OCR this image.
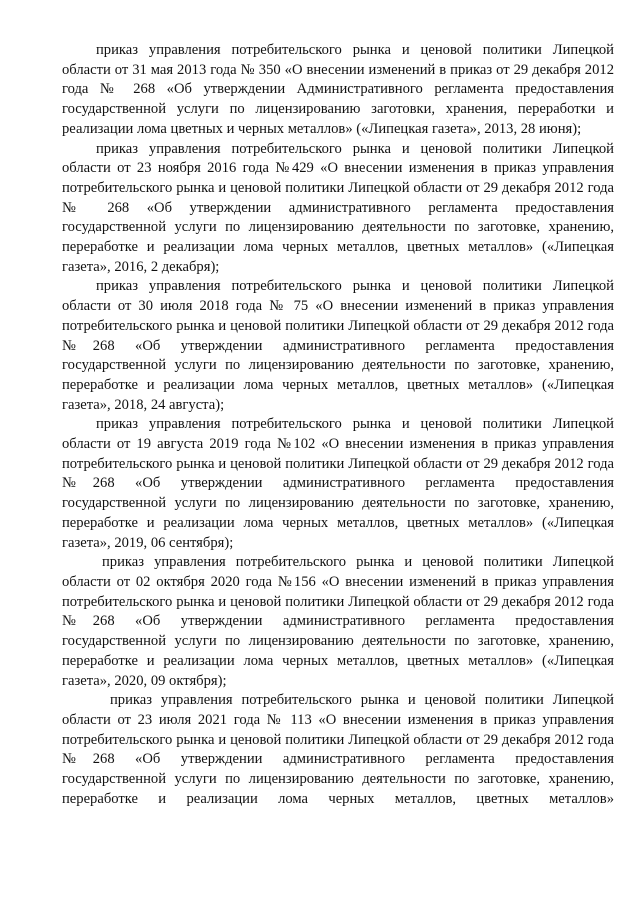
приказ управления потребительского рынка и ценовой политики Липецкой области от 31 мая 2013 года № 350 «О внесении изменений в приказ от 29 декабря 2012 года № 268 «Об утверждении Административного регламента предоставления государственной услуги по лицензированию заготовки, хранения, переработки и реализации лома цветных и черных металлов» («Липецкая газета», 2013, 28 июня);

приказ управления потребительского рынка и ценовой политики Липецкой области от 23 ноября 2016 года №429 «О внесении изменения в приказ управления потребительского рынка и ценовой политики Липецкой области от 29 декабря 2012 года № 268 «Об утверждении административного регламента предоставления государственной услуги по лицензированию деятельности по заготовке, хранению, переработке и реализации лома черных металлов, цветных металлов» («Липецкая газета», 2016, 2 декабря);

приказ управления потребительского рынка и ценовой политики Липецкой области от 30 июля 2018 года № 75 «О внесении изменений в приказ управления потребительского рынка и ценовой политики Липецкой области от 29 декабря 2012 года №268 «Об утверждении административного регламента предоставления государственной услуги по лицензированию деятельности по заготовке, хранению, переработке и реализации лома черных металлов, цветных металлов» («Липецкая газета», 2018, 24 августа);

приказ управления потребительского рынка и ценовой политики Липецкой области от 19 августа 2019 года №102 «О внесении изменения в приказ управления потребительского рынка и ценовой политики Липецкой области от 29 декабря 2012 года №268 «Об утверждении административного регламента предоставления государственной услуги по лицензированию деятельности по заготовке, хранению, переработке и реализации лома черных металлов, цветных металлов» («Липецкая газета», 2019, 06 сентября);

приказ управления потребительского рынка и ценовой политики Липецкой области от 02 октября 2020 года №156 «О внесении изменений в приказ управления потребительского рынка и ценовой политики Липецкой области от 29 декабря 2012 года №268 «Об утверждении административного регламента предоставления государственной услуги по лицензированию деятельности по заготовке, хранению, переработке и реализации лома черных металлов, цветных металлов» («Липецкая газета», 2020, 09 октября);

приказ управления потребительского рынка и ценовой политики Липецкой области от 23 июля 2021 года № 113 «О внесении изменения в приказ управления потребительского рынка и ценовой политики Липецкой области от 29 декабря 2012 года №268 «Об утверждении административного регламента предоставления государственной услуги по лицензированию деятельности по заготовке, хранению, переработке и реализации лома черных металлов, цветных металлов»
